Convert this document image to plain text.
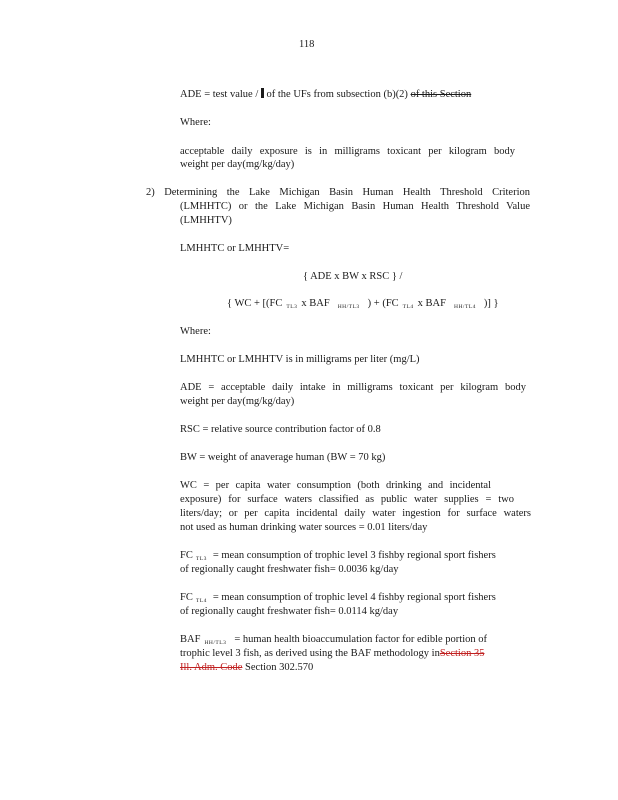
118
ADE = test value / of the UFs from subsection (b)(2) of this Section
Where:
acceptable daily exposure is in milligrams toxicant per kilogram body
weight per day(mg/kg/day)
2) Determining the Lake Michigan Basin Human Health Threshold Criterion
(LMHHTC) or the Lake Michigan Basin Human Health Threshold Value
(LMHHTV)
LMHHTC or LMHHTV=
{ ADE x BW x RSC } /
{ WC + [(FC $_{TL3}$ x BAF $_{HH/TL3}$ ) + (FC $_{TL4}$ x BAF $_{HH/TL4}$ )] }
Where:
LMHHTC or LMHHTV is in milligrams per liter (mg/L)
ADE = acceptable daily intake in milligrams toxicant per kilogram body
weight per day(mg/kg/day)
RSC = relative source contribution factor of 0.8
BW = weight of anaverage human (BW = 70 kg)
WC = per capita water consumption (both drinking and incidental
exposure) for surface waters classified as public water supplies = two
liters/day; or per capita incidental daily water ingestion for surface waters
not used as human drinking water sources = 0.01 liters/day
FC $_{TL3}$ = mean consumption of trophic level 3 fishby regional sport fishers
of regionally caught freshwater fish= 0.0036 kg/day
FC $_{TL4}$ = mean consumption of trophic level 4 fishby regional sport fishers
of regionally caught freshwater fish= 0.0114 kg/day
BAF $_{HH/TL3}$ = human health bioaccumulation factor for edible portion of
trophic level 3 fish, as derived using the BAF methodology inSection 35
Ill. Adm. Code Section 302.570
